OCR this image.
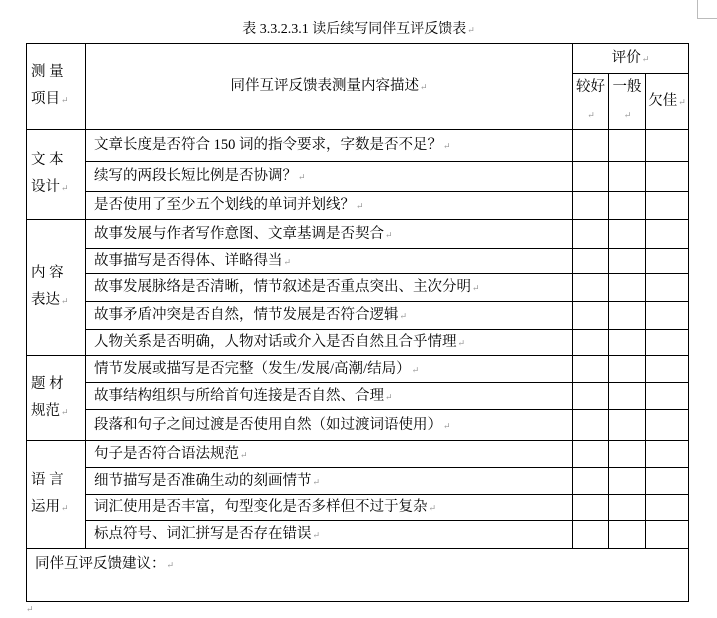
表 3.3.2.3.1 读后续写同伴互评反馈表 ↵
测 量 项目 ↵	同伴互评反馈表测量内容描述 ↵	评价 ↵
		较好 ↵	一般 ↵	欠佳 ↵
文 本 设计 ↵	文章长度是否符合 150 词的指令要求，字数是否不足？ ↵			
	续写的两段长短比例是否协调？ ↵			
	是否使用了至少五个划线的单词并划线？ ↵			
内 容 表达 ↵	故事发展与作者写作意图、文章基调是否契合 ↵			
	故事描写是否得体、详略得当 ↵			
	故事发展脉络是否清晰，情节叙述是否重点突出、主次分明 ↵			
	故事矛盾冲突是否自然，情节发展是否符合逻辑 ↵			
	人物关系是否明确，人物对话或介入是否自然且合乎情理 ↵			
题 材 规范 ↵	情节发展或描写是否完整（发生/发展/高潮/结局） ↵			
	故事结构组织与所给首句连接是否自然、合理 ↵			
	段落和句子之间过渡是否使用自然（如过渡词语使用） ↵			
语 言 运用 ↵	句子是否符合语法规范 ↵			
	细节描写是否准确生动的刻画情节 ↵			
	词汇使用是否丰富，句型变化是否多样但不过于复杂 ↵			
	标点符号、词汇拼写是否存在错误 ↵			
同伴互评反馈建议： ↵
↵
